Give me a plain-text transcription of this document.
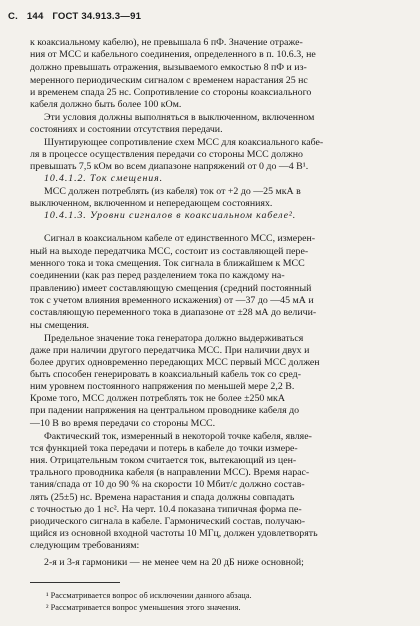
С. 144 ГОСТ 34.913.3—91
к коаксиальному кабелю), не превышала 6 пФ. Значение отраже-
ния от МСС и кабельного соединения, определенного в п. 10.6.3, не
должно превышать отражения, вызываемого емкостью 8 пФ и из-
меренного периодическим сигналом с временем нарастания 25 нс
и временем спада 25 нс. Сопротивление со стороны коаксиального
кабеля должно быть более 100 кОм.
Эти условия должны выполняться в выключенном, включенном
состояниях и состоянии отсутствия передачи.
Шунтирующее сопротивление схем МСС для коаксиального кабе-
ля в процессе осуществления передачи со стороны МСС должно
превышать 7,5 кОм во всем диапазоне напряжений от 0 до —4 В¹.
10.4.1.2. Ток смещения.
МСС должен потреблять (из кабеля) ток от +2 до —25 мкА в
выключенном, включенном и непередающем состояниях.
10.4.1.3. Уровни сигналов в коаксиальном кабеле².
Сигнал в коаксиальном кабеле от единственного МСС, измерен-
ный на выходе передатчика МСС, состоит из составляющей пере-
менного тока и тока смещения. Ток сигнала в ближайшем к МСС
соединении (как раз перед разделением тока по каждому на-
правлению) имеет составляющую смещения (средний постоянный
ток с учетом влияния временного искажения) от —37 до —45 мА и
составляющую переменного тока в диапазоне от ±28 мА до величи-
ны смещения.
Предельное значение тока генератора должно выдерживаться
даже при наличии другого передатчика МСС. При наличии двух и
более других одновременно передающих МСС первый МСС должен
быть способен генерировать в коаксиальный кабель ток со сред-
ним уровнем постоянного напряжения по меньшей мере 2,2 В.
Кроме того, МСС должен потреблять ток не более ±250 мкА
при падении напряжения на центральном проводнике кабеля до
—10 В во время передачи со стороны МСС.
Фактический ток, измеренный в некоторой точке кабеля, являе-
тся функцией тока передачи и потерь в кабеле до точки измере-
ния. Отрицательным током считается ток, вытекающий из цен-
трального проводника кабеля (в направлении МСС). Время нарас-
тания/спада от 10 до 90 % на скорости 10 Мбит/с должно состав-
лять (25±5) нс. Времена нарастания и спада должны совпадать
с точностью до 1 нс². На черт. 10.4 показана типичная форма пе-
риодического сигнала в кабеле. Гармонический состав, получаю-
щийся из основной входной частоты 10 МГц, должен удовлетворять
следующим требованиям:
2-я и 3-я гармоники — не менее чем на 20 дБ ниже основной;
¹ Рассматривается вопрос об исключении данного абзаца.
² Рассматривается вопрос уменьшения этого значения.
